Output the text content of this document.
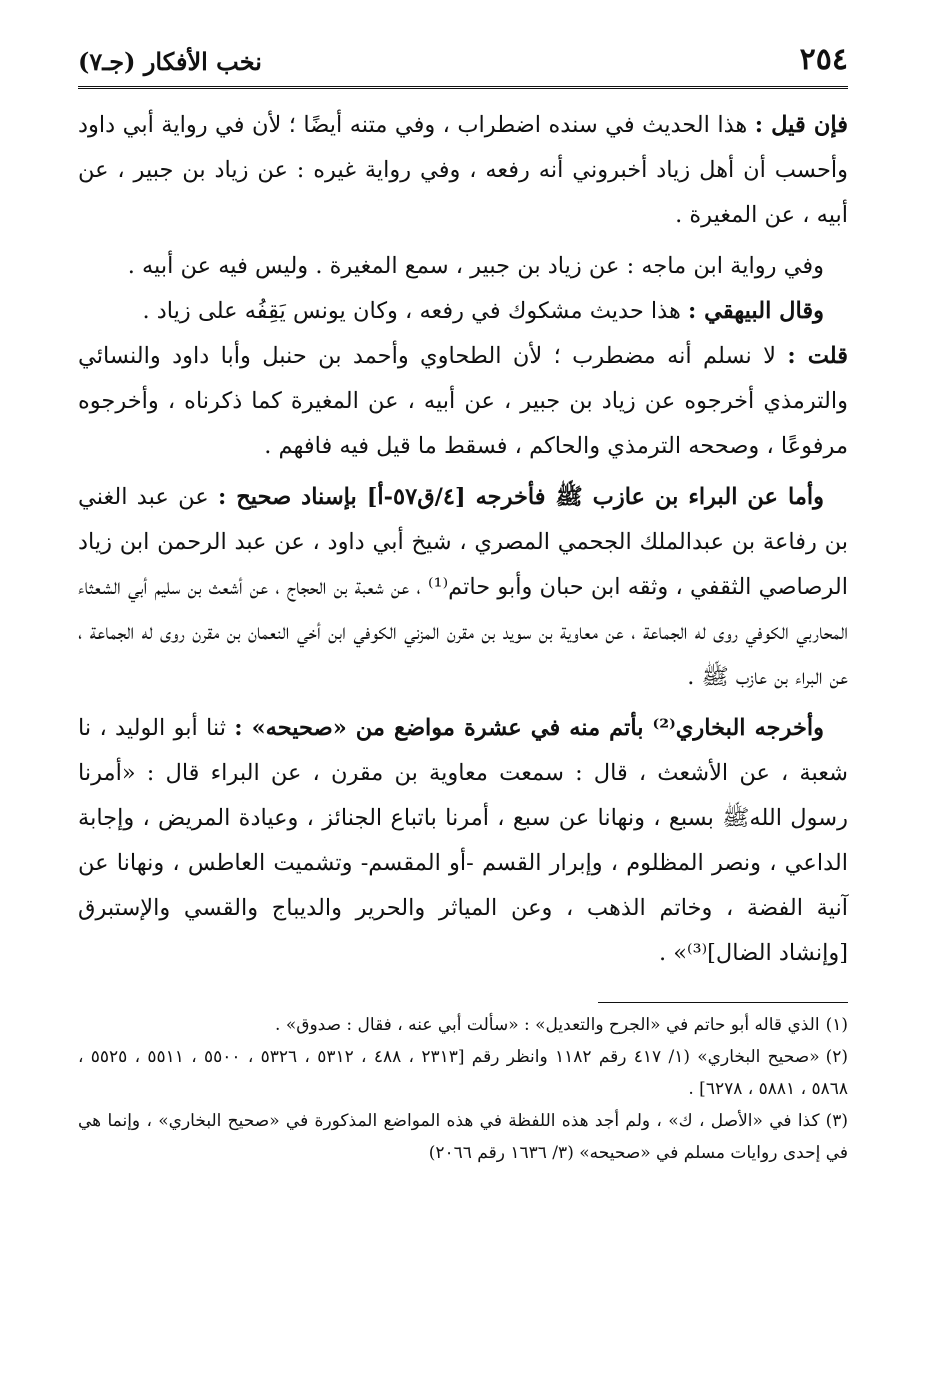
٢٥٤
نخب الأفكار (جـ٧)

فإن قيل : هذا الحديث في سنده اضطراب ، وفي متنه أيضًا ؛ لأن في رواية أبي داود وأحسب أن أهل زياد أخبروني أنه رفعه ، وفي رواية غيره : عن زياد بن جبير ، عن أبيه ، عن المغيرة .

وفي رواية ابن ماجه : عن زياد بن جبير ، سمع المغيرة . وليس فيه عن أبيه .

وقال البيهقي : هذا حديث مشكوك في رفعه ، وكان يونس يَقِفُه على زياد .

قلت : لا نسلم أنه مضطرب ؛ لأن الطحاوي وأحمد بن حنبل وأبا داود والنسائي والترمذي أخرجوه عن زياد بن جبير ، عن أبيه ، عن المغيرة كما ذكرناه ، وأخرجوه مرفوعًا ، وصححه الترمذي والحاكم ، فسقط ما قيل فيه فافهم .

وأما عن البراء بن عازب ﷺ فأخرجه [٤/ق٥٧-أ] بإسناد صحيح : عن عبد الغني بن رفاعة بن عبدالملك الجحمي المصري ، شيخ أبي داود ، عن عبد الرحمن ابن زياد الرصاصي الثقفي ، وثقه ابن حبان وأبو حاتم⁽¹⁾ ، عن شعبة بن الحجاج ، عن أشعث بن سليم أبي الشعثاء المحاربي الكوفي روى له الجماعة ، عن معاوية بن سويد بن مقرن المزني الكوفي ابن أخي النعمان بن مقرن روى له الجماعة ، عن البراء بن عازب ﷺ .

وأخرجه البخاري⁽²⁾ بأتم منه في عشرة مواضع من «صحيحه» : ثنا أبو الوليد ، نا شعبة ، عن الأشعث ، قال : سمعت معاوية بن مقرن ، عن البراء قال : «أمرنا رسول اللهﷺ بسبع ، ونهانا عن سبع ، أمرنا باتباع الجنائز ، وعيادة المريض ، وإجابة الداعي ، ونصر المظلوم ، وإبرار القسم -أو المقسم- وتشميت العاطس ، ونهانا عن آنية الفضة ، وخاتم الذهب ، وعن المياثر والحرير والديباج والقسي والإستبرق [وإنشاد الضال]⁽³⁾» .

(١)الذي قاله أبو حاتم في «الجرح والتعديل» : «سألت أبي عنه ، فقال : صدوق» .

(٢)«صحيح البخاري» (١/ ٤١٧ رقم ١١٨٢ وانظر رقم [٢٣١٣ ، ٤٨٨ ، ٥٣١٢ ، ٥٣٢٦ ، ٥٥٠٠ ، ٥٥١١ ، ٥٥٢٥ ، ٥٨٦٨ ، ٥٨٨١ ، ٦٢٧٨] .

(٣)كذا في «الأصل ، ك» ، ولم أجد هذه اللفظة في هذه المواضع المذكورة في «صحيح البخاري» ، وإنما هي في إحدى روايات مسلم في «صحيحه» (٣/ ١٦٣٦ رقم ٢٠٦٦)
